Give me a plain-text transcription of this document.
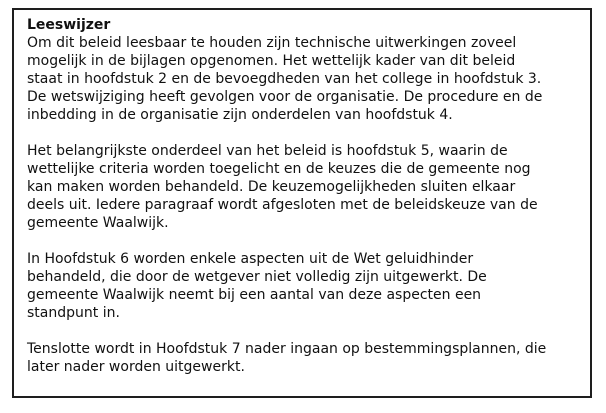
Leeswijzer
Om dit beleid leesbaar te houden zijn technische uitwerkingen zoveel
mogelijk in de bijlagen opgenomen. Het wettelijk kader van dit beleid
staat in hoofdstuk 2 en de bevoegdheden van het college in hoofdstuk 3.
De wetswijziging heeft gevolgen voor de organisatie. De procedure en de
inbedding in de organisatie zijn onderdelen van hoofdstuk 4.
Het belangrijkste onderdeel van het beleid is hoofdstuk 5, waarin de
wettelijke criteria worden toegelicht en de keuzes die de gemeente nog
kan maken worden behandeld. De keuzemogelijkheden sluiten elkaar
deels uit. Iedere paragraaf wordt afgesloten met de beleidskeuze van de
gemeente Waalwijk.
In Hoofdstuk 6 worden enkele aspecten uit de Wet geluidhinder
behandeld, die door de wetgever niet volledig zijn uitgewerkt. De
gemeente Waalwijk neemt bij een aantal van deze aspecten een
standpunt in.
Tenslotte wordt in Hoofdstuk 7 nader ingaan op bestemmingsplannen, die
later nader worden uitgewerkt.
